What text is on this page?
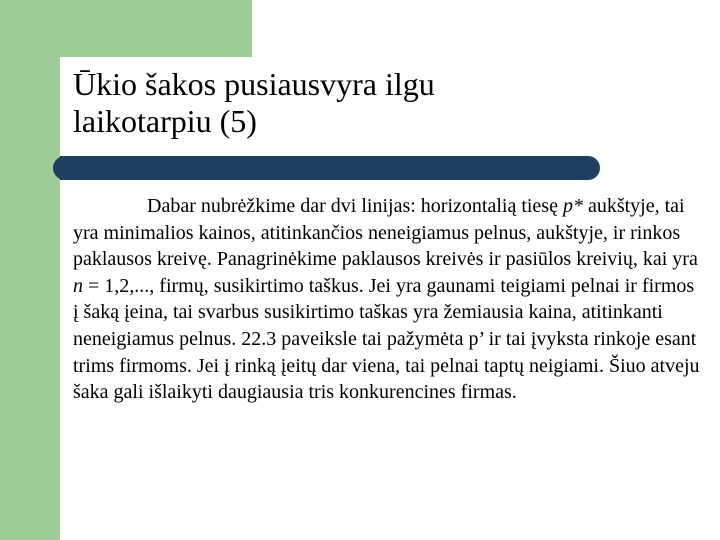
Ūkio šakos pusiausvyra ilgu
laikotarpiu (5)

Dabar nubrėžkime dar dvi linijas: horizontalią tiesę p* aukštyje, tai yra minimalios kainos, atitinkančios neneigiamus pelnus, aukštyje, ir rinkos paklausos kreivę. Panagrinėkime paklausos kreivės ir pasiūlos kreivių, kai yra n = 1,2,..., firmų, susikirtimo taškus. Jei yra gaunami teigiami pelnai ir firmos į šaką įeina, tai svarbus susikirtimo taškas yra žemiausia kaina, atitinkanti neneigiamus pelnus. 22.3 paveiksle tai pažymėta p’ ir tai įvyksta rinkoje esant trims firmoms. Jei į rinką įeitų dar viena, tai pelnai taptų neigiami. Šiuo atveju šaka gali išlaikyti daugiausia tris konkurencines firmas.
